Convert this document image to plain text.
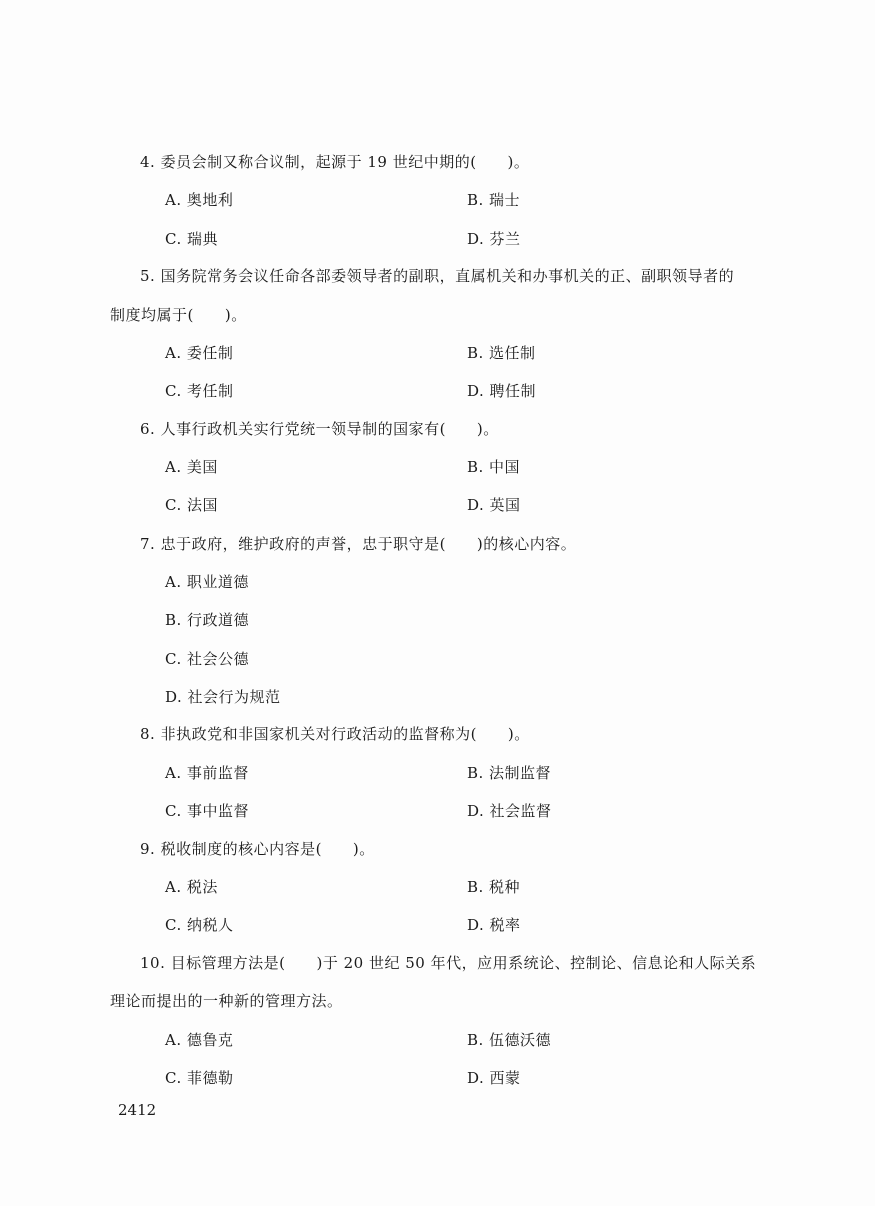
4. 委员会制又称合议制，起源于 19 世纪中期的(　　)。
A. 奥地利	B. 瑞士
C. 瑞典	D. 芬兰
5. 国务院常务会议任命各部委领导者的副职，直属机关和办事机关的正、副职领导者的
制度均属于(　　)。
A. 委任制	B. 选任制
C. 考任制	D. 聘任制
6. 人事行政机关实行党统一领导制的国家有(　　)。
A. 美国	B. 中国
C. 法国	D. 英国
7. 忠于政府，维护政府的声誉，忠于职守是(　　)的核心内容。
A. 职业道德
B. 行政道德
C. 社会公德
D. 社会行为规范
8. 非执政党和非国家机关对行政活动的监督称为(　　)。
A. 事前监督	B. 法制监督
C. 事中监督	D. 社会监督
9. 税收制度的核心内容是(　　)。
A. 税法	B. 税种
C. 纳税人	D. 税率
10. 目标管理方法是(　　)于 20 世纪 50 年代，应用系统论、控制论、信息论和人际关系
理论而提出的一种新的管理方法。
A. 德鲁克	B. 伍德沃德
C. 菲德勒	D. 西蒙
2412
